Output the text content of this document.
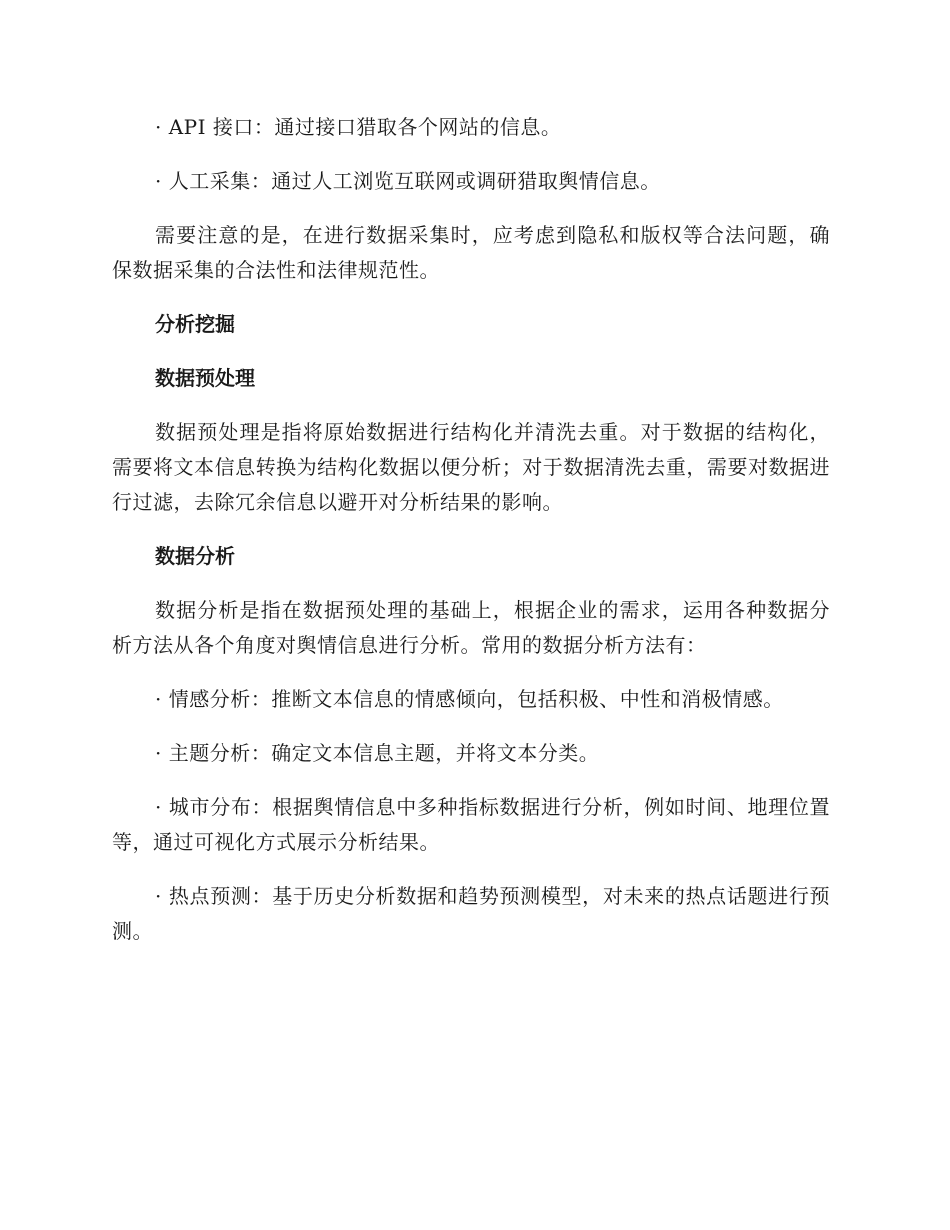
· API 接口：通过接口猎取各个网站的信息。

· 人工采集：通过人工浏览互联网或调研猎取舆情信息。

需要注意的是，在进行数据采集时，应考虑到隐私和版权等合法问题，确保数据采集的合法性和法律规范性。

分析挖掘
数据预处理

数据预处理是指将原始数据进行结构化并清洗去重。对于数据的结构化，需要将文本信息转换为结构化数据以便分析；对于数据清洗去重，需要对数据进行过滤，去除冗余信息以避开对分析结果的影响。

数据分析

数据分析是指在数据预处理的基础上，根据企业的需求，运用各种数据分析方法从各个角度对舆情信息进行分析。常用的数据分析方法有：

· 情感分析：推断文本信息的情感倾向，包括积极、中性和消极情感。

· 主题分析：确定文本信息主题，并将文本分类。

· 城市分布：根据舆情信息中多种指标数据进行分析，例如时间、地理位置等，通过可视化方式展示分析结果。

· 热点预测：基于历史分析数据和趋势预测模型，对未来的热点话题进行预测。
